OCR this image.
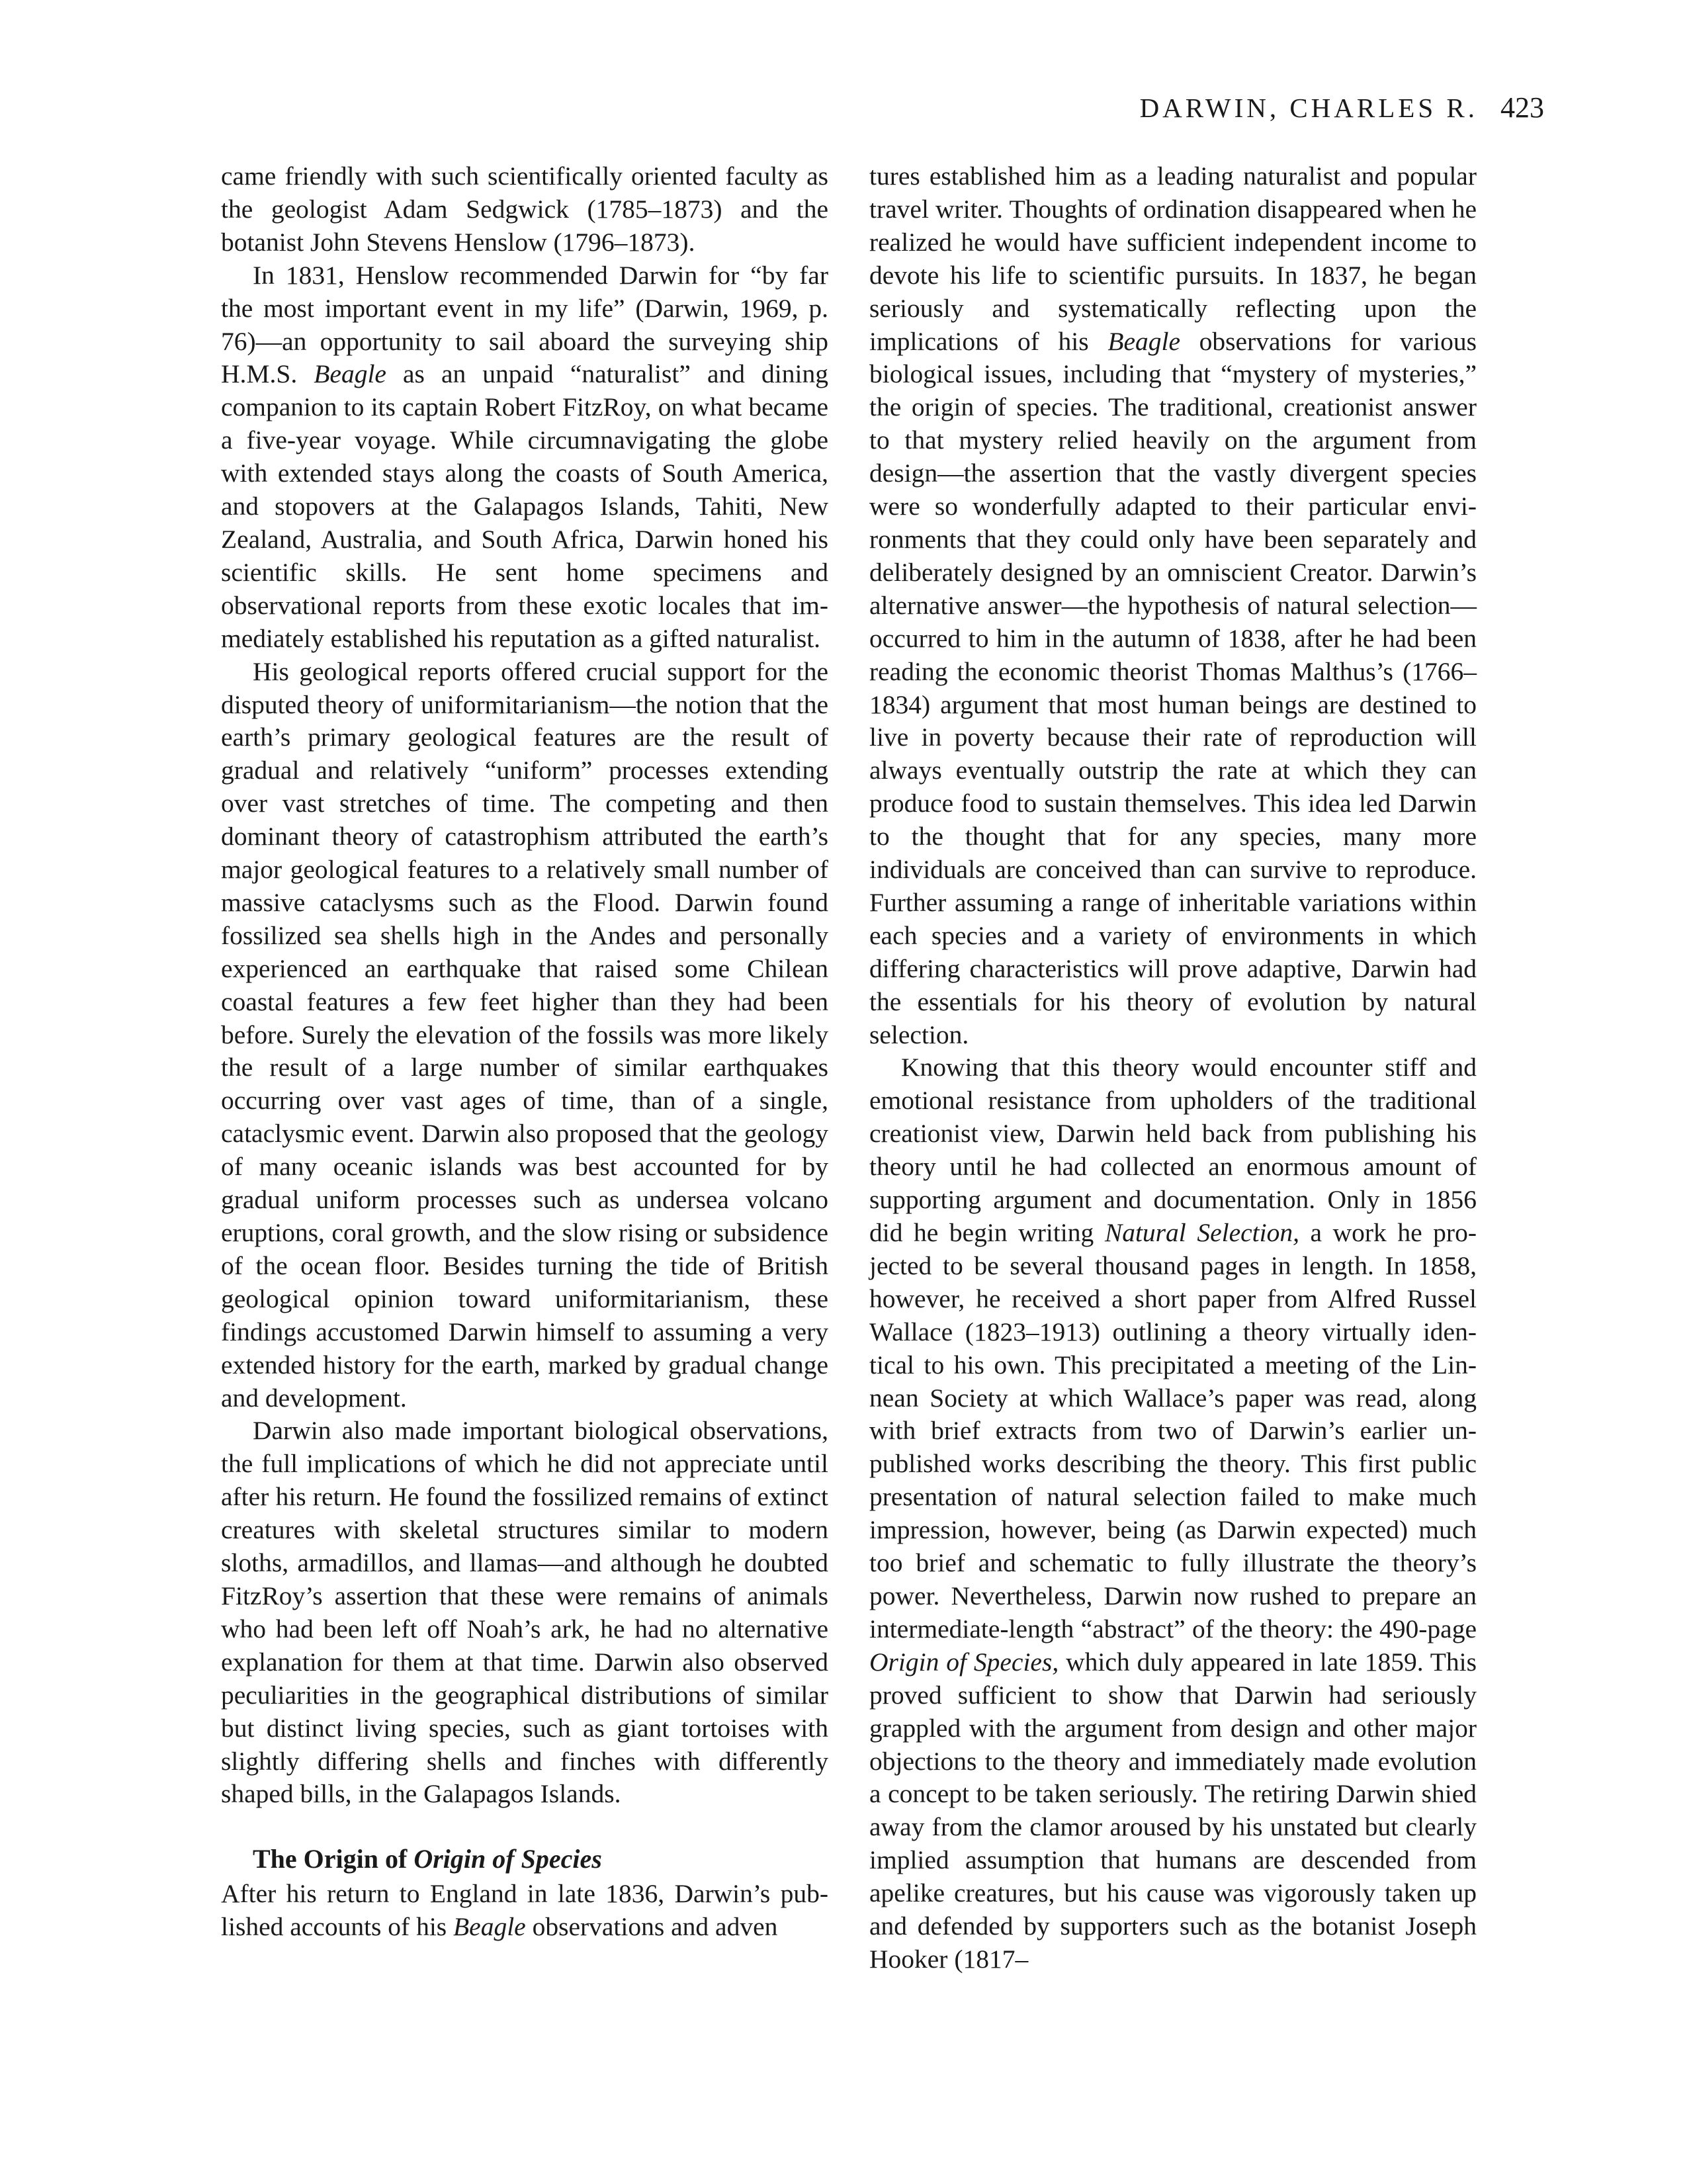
DARWIN, CHARLES R. 423

came friendly with such scientifically oriented faculty as the geologist Adam Sedgwick (1785–1873) and the botanist John Stevens Henslow (1796–1873).

In 1831, Henslow recommended Darwin for “by far the most important event in my life” (Darwin, 1969, p. 76)—an opportunity to sail aboard the surveying ship H.M.S. Beagle as an unpaid “naturalist” and dining companion to its captain Robert FitzRoy, on what became a five-year voyage. While circumnavigating the globe with extended stays along the coasts of South America, and stopovers at the Galapagos Islands, Tahiti, New Zealand, Australia, and South Africa, Darwin honed his scientific skills. He sent home specimens and observational reports from these exotic locales that immediately established his reputation as a gifted naturalist.

His geological reports offered crucial support for the disputed theory of uniformitarianism—the notion that the earth’s primary geological features are the result of gradual and relatively “uniform” processes extending over vast stretches of time. The competing and then dominant theory of catastrophism attributed the earth’s major geological features to a relatively small number of massive cataclysms such as the Flood. Darwin found fossilized sea shells high in the Andes and personally experienced an earthquake that raised some Chilean coastal features a few feet higher than they had been before. Surely the elevation of the fossils was more likely the result of a large number of similar earthquakes occurring over vast ages of time, than of a single, cataclysmic event. Darwin also proposed that the geology of many oceanic islands was best accounted for by gradual uniform processes such as undersea volcano eruptions, coral growth, and the slow rising or subsidence of the ocean floor. Besides turning the tide of British geological opinion toward uniformitarianism, these findings accustomed Darwin himself to assuming a very extended history for the earth, marked by gradual change and development.

Darwin also made important biological observations, the full implications of which he did not appreciate until after his return. He found the fossilized remains of extinct creatures with skeletal structures similar to modern sloths, armadillos, and llamas—and although he doubted FitzRoy’s assertion that these were remains of animals who had been left off Noah’s ark, he had no alternative explanation for them at that time. Darwin also observed peculiarities in the geographical distributions of similar but distinct living species, such as giant tortoises with slightly differing shells and finches with differently shaped bills, in the Galapagos Islands.

The Origin of Origin of Species

After his return to England in late 1836, Darwin’s published accounts of his Beagle observations and adven

tures established him as a leading naturalist and popular travel writer. Thoughts of ordination disappeared when he realized he would have sufficient independent income to devote his life to scientific pursuits. In 1837, he began seriously and systematically reflecting upon the implications of his Beagle observations for various biological issues, including that “mystery of mysteries,” the origin of species. The traditional, creationist answer to that mystery relied heavily on the argument from design—the assertion that the vastly divergent species were so wonderfully adapted to their particular environments that they could only have been separately and deliberately designed by an omniscient Creator. Darwin’s alternative answer—the hypothesis of natural selection—occurred to him in the autumn of 1838, after he had been reading the economic theorist Thomas Malthus’s (1766–1834) argument that most human beings are destined to live in poverty because their rate of reproduction will always eventually outstrip the rate at which they can produce food to sustain themselves. This idea led Darwin to the thought that for any species, many more individuals are conceived than can survive to reproduce. Further assuming a range of inheritable variations within each species and a variety of environments in which differing characteristics will prove adaptive, Darwin had the essentials for his theory of evolution by natural selection.

Knowing that this theory would encounter stiff and emotional resistance from upholders of the traditional creationist view, Darwin held back from publishing his theory until he had collected an enormous amount of supporting argument and documentation. Only in 1856 did he begin writing Natural Selection, a work he projected to be several thousand pages in length. In 1858, however, he received a short paper from Alfred Russel Wallace (1823–1913) outlining a theory virtually identical to his own. This precipitated a meeting of the Linnean Society at which Wallace’s paper was read, along with brief extracts from two of Darwin’s earlier unpublished works describing the theory. This first public presentation of natural selection failed to make much impression, however, being (as Darwin expected) much too brief and schematic to fully illustrate the theory’s power. Nevertheless, Darwin now rushed to prepare an intermediate-length “abstract” of the theory: the 490-page Origin of Species, which duly appeared in late 1859. This proved sufficient to show that Darwin had seriously grappled with the argument from design and other major objections to the theory and immediately made evolution a concept to be taken seriously. The retiring Darwin shied away from the clamor aroused by his unstated but clearly implied assumption that humans are descended from apelike creatures, but his cause was vigorously taken up and defended by supporters such as the botanist Joseph Hooker (1817–
